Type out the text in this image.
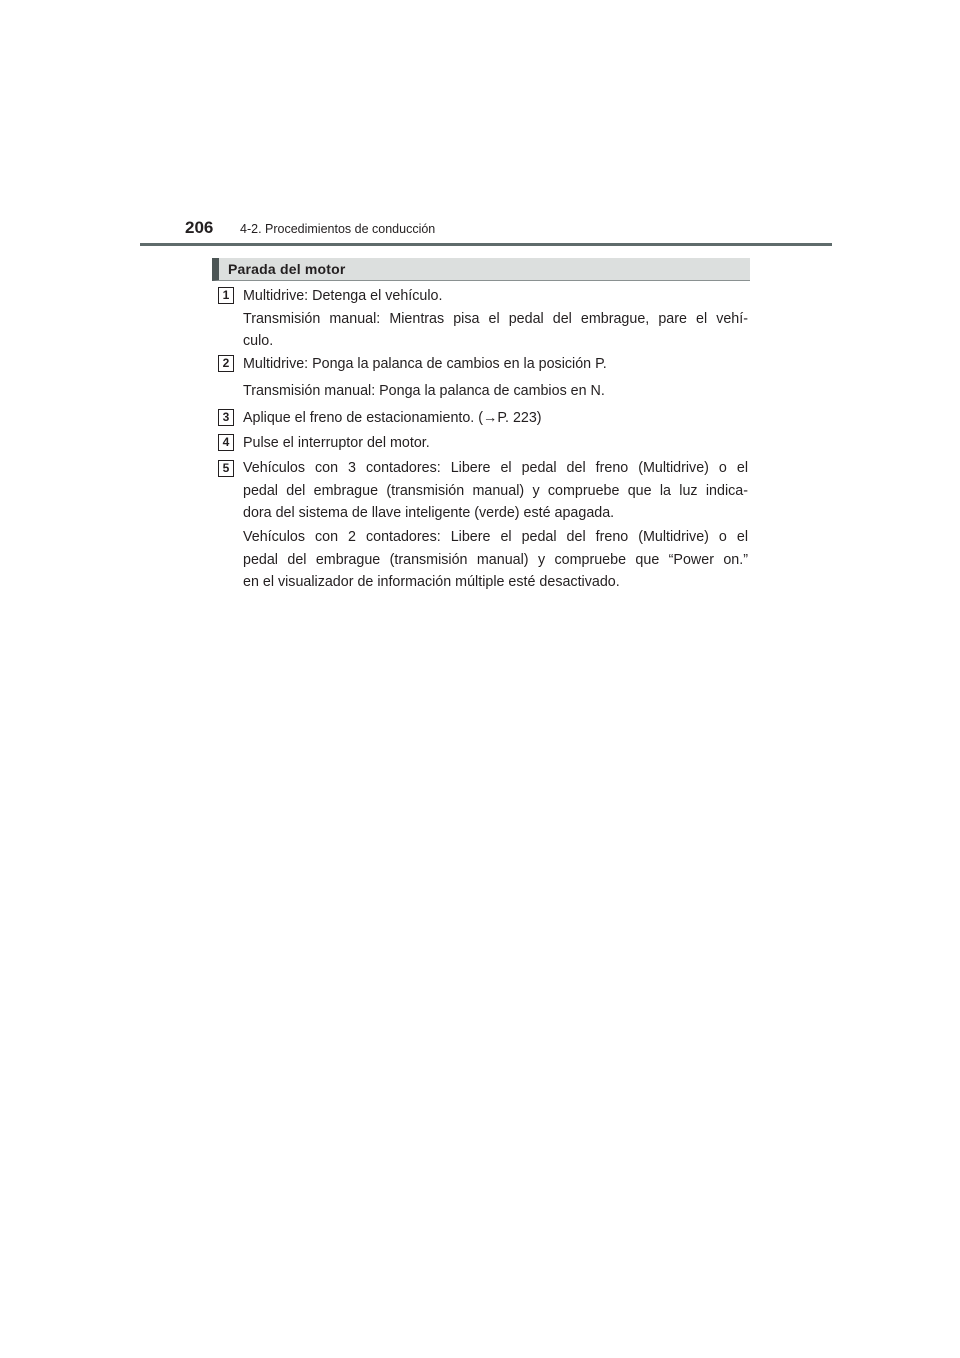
206 4-2. Procedimientos de conducción
Parada del motor
1 Multidrive: Detenga el vehículo.
Transmisión manual: Mientras pisa el pedal del embrague, pare el vehí-
culo.
2 Multidrive: Ponga la palanca de cambios en la posición P.
Transmisión manual: Ponga la palanca de cambios en N.
3 Aplique el freno de estacionamiento. (→P. 223)
4 Pulse el interruptor del motor.
5 Vehículos con 3 contadores: Libere el pedal del freno (Multidrive) o el
pedal del embrague (transmisión manual) y compruebe que la luz indica-
dora del sistema de llave inteligente (verde) esté apagada.
Vehículos con 2 contadores: Libere el pedal del freno (Multidrive) o el
pedal del embrague (transmisión manual) y compruebe que “Power on.”
en el visualizador de información múltiple esté desactivado.
